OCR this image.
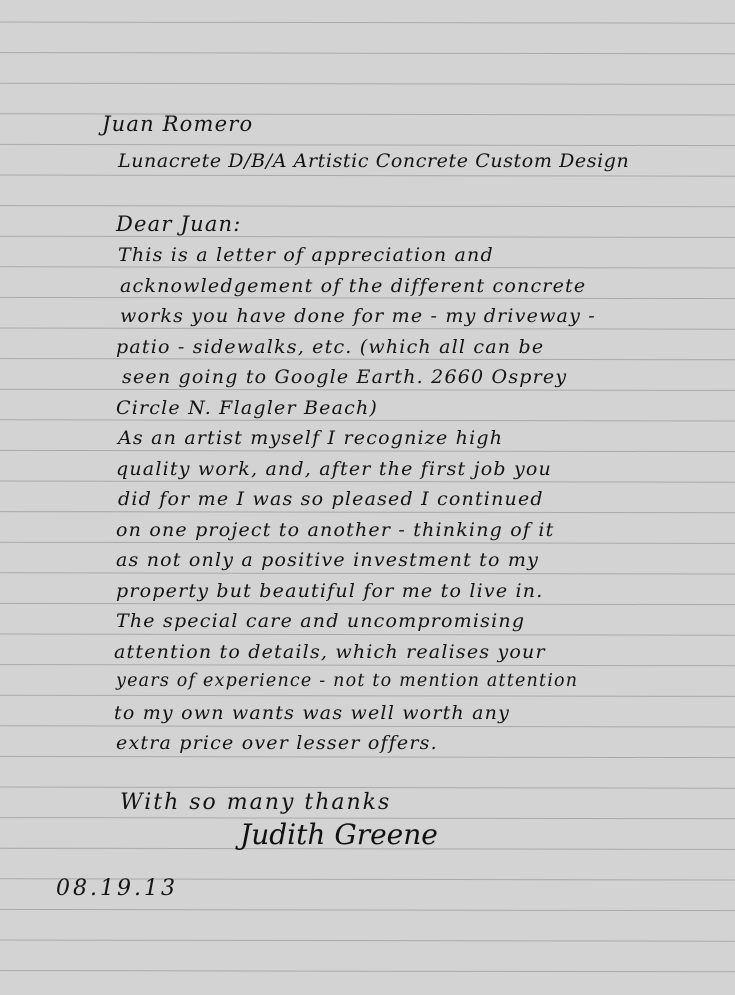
Juan Romero
Lunacrete D/B/A Artistic Concrete Custom Design
Dear Juan:
This is a letter of appreciation and
acknowledgement of the different concrete
works you have done for me - my driveway -
patio - sidewalks, etc. (which all can be
seen going to Google Earth. 2660 Osprey
Circle N. Flagler Beach)
As an artist myself I recognize high
quality work, and, after the first job you
did for me I was so pleased I continued
on one project to another - thinking of it
as not only a positive investment to my
property but beautiful for me to live in.
The special care and uncompromising
attention to details, which realises your
years of experience - not to mention attention
to my own wants was well worth any
extra price over lesser offers.
With so many thanks
Judith Greene
08.19.13
